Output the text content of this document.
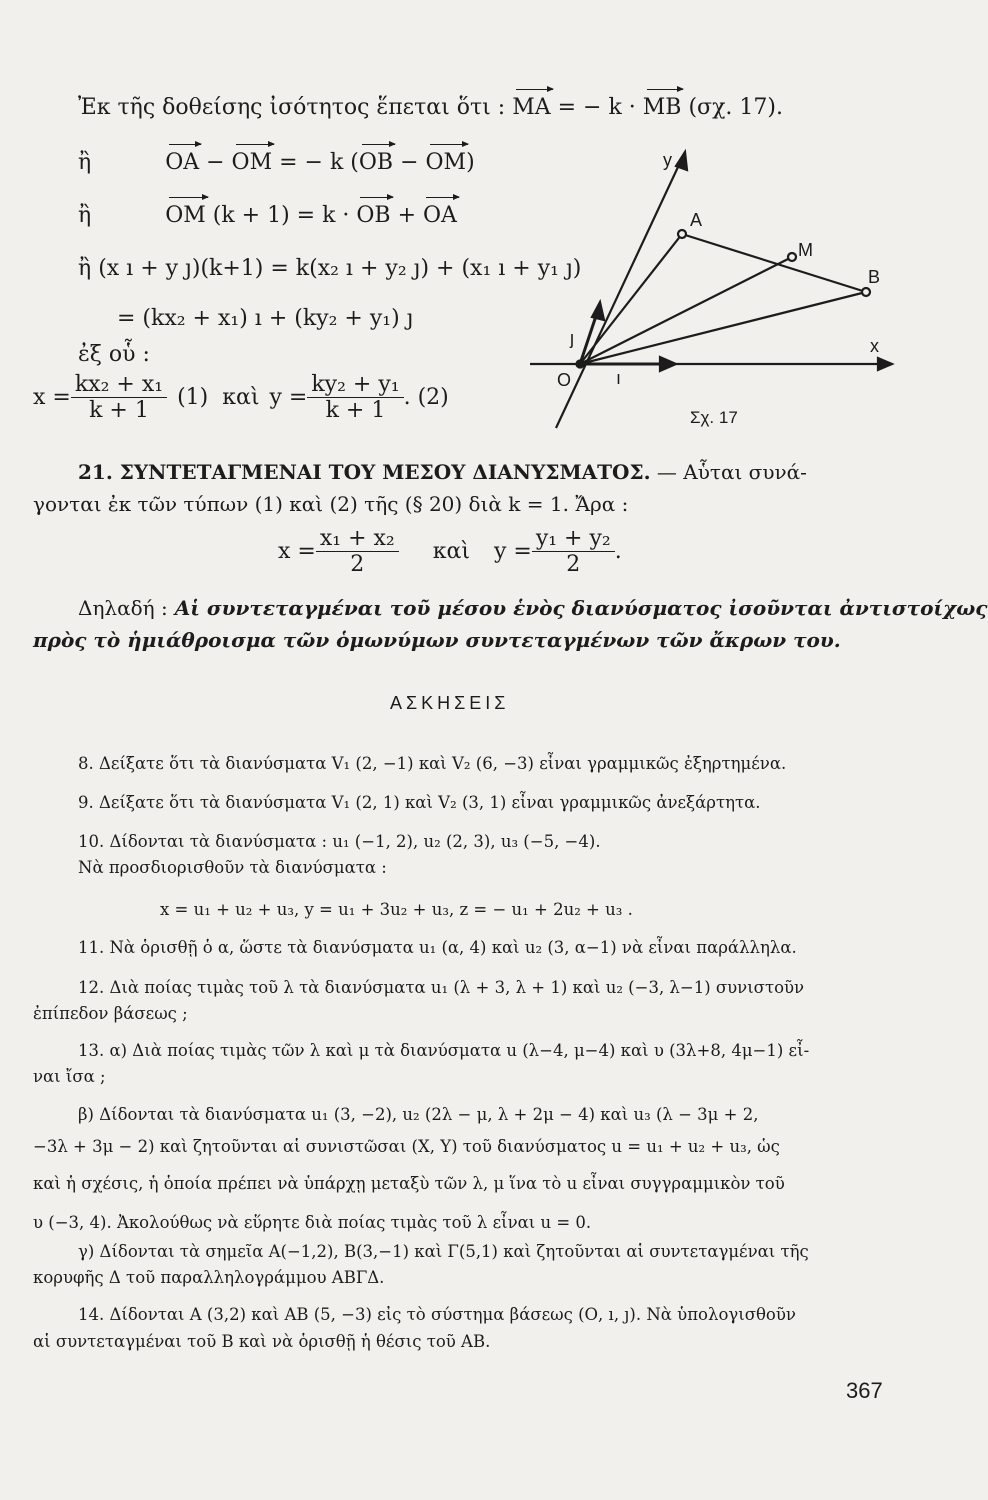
Ἐκ τῆς δοθείσης ἰσότητος ἕπεται ὅτι : ΜΑ = − k · ΜΒ (σχ. 17).
ἢ	ΟΑ − ΟΜ = − k (ΟΒ − ΟΜ)
ἢ	ΟΜ (k + 1) = k · ΟΒ + ΟΑ
ἢ (x ı + y ȷ)(k+1) = k(x₂ ı + y₂ ȷ) + (x₁ ı + y₁ ȷ)
= (kx₂ + x₁) ı + (ky₂ + y₁) ȷ
ἐξ οὗ :
$x = \frac{\text{kx₂ + x₁}}{k + 1} (1)$ καὶ $y = \frac{\text{ky₂ + y₁}}{k + 1}$ . (2)
y
A
M
B
x
O ı
ȷ
Σχ. 17
21. ΣΥΝΤΕΤΑΓΜΕΝΑΙ ΤΟΥ ΜΕΣΟΥ ΔΙΑΝΥΣΜΑΤΟΣ. — Αὗται συνά-
γονται ἐκ τῶν τύπων (1) καὶ (2) τῆς (§ 20) διὰ k = 1. Ἄρα :
$x = \frac{\text{x₁ + x₂}}{2}$ καὶ $y = \frac{\text{y₁ + y₂}}{2}$ .
Δηλαδή : Αἱ συντεταγμέναι τοῦ μέσου ἑνὸς διανύσματος ἰσοῦνται ἀντιστοίχως
πρὸς τὸ ἡμιάθροισμα τῶν ὁμωνύμων συντεταγμένων τῶν ἄκρων του.
ΑΣΚΗΣΕΙΣ
8. Δείξατε ὅτι τὰ διανύσματα V₁ (2, −1) καὶ V₂ (6, −3) εἶναι γραμμικῶς ἐξηρτημένα.
9. Δείξατε ὅτι τὰ διανύσματα V₁ (2, 1) καὶ V₂ (3, 1) εἶναι γραμμικῶς ἀνεξάρτητα.
10. Δίδονται τὰ διανύσματα : u₁ (−1, 2), u₂ (2, 3), u₃ (−5, −4).
Νὰ προσδιορισθοῦν τὰ διανύσματα :
x = u₁ + u₂ + u₃, y = u₁ + 3u₂ + u₃, z = − u₁ + 2u₂ + u₃ .
11. Νὰ ὁρισθῇ ὁ α, ὥστε τὰ διανύσματα u₁ (α, 4) καὶ u₂ (3, α−1) νὰ εἶναι παράλληλα.
12. Διὰ ποίας τιμὰς τοῦ λ τὰ διανύσματα u₁ (λ + 3, λ + 1) καὶ u₂ (−3, λ−1) συνιστοῦν
ἐπίπεδον βάσεως ;
13. α) Διὰ ποίας τιμὰς τῶν λ καὶ μ τὰ διανύσματα u (λ−4, μ−4) καὶ υ (3λ+8, 4μ−1) εἶ-
ναι ἴσα ;
β) Δίδονται τὰ διανύσματα u₁ (3, −2), u₂ (2λ − μ, λ + 2μ − 4) καὶ u₃ (λ − 3μ + 2,
−3λ + 3μ − 2) καὶ ζητοῦνται αἱ συνιστῶσαι (X, Y) τοῦ διανύσματος u = u₁ + u₂ + u₃, ὡς
καὶ ἡ σχέσις, ἡ ὁποία πρέπει νὰ ὑπάρχῃ μεταξὺ τῶν λ, μ ἵνα τὸ u εἶναι συγγραμμικὸν τοῦ
υ (−3, 4). Ἀκολούθως νὰ εὕρητε διὰ ποίας τιμὰς τοῦ λ εἶναι u = 0.
γ) Δίδονται τὰ σημεῖα Α(−1,2), Β(3,−1) καὶ Γ(5,1) καὶ ζητοῦνται αἱ συντεταγμέναι τῆς
κορυφῆς Δ τοῦ παραλληλογράμμου ΑΒΓΔ.
14. Δίδονται Α (3,2) καὶ ΑΒ (5, −3) εἰς τὸ σύστημα βάσεως (Ο, ı, ȷ). Νὰ ὑπολογισθοῦν
αἱ συντεταγμέναι τοῦ Β καὶ νὰ ὁρισθῇ ἡ θέσις τοῦ ΑΒ.
367
